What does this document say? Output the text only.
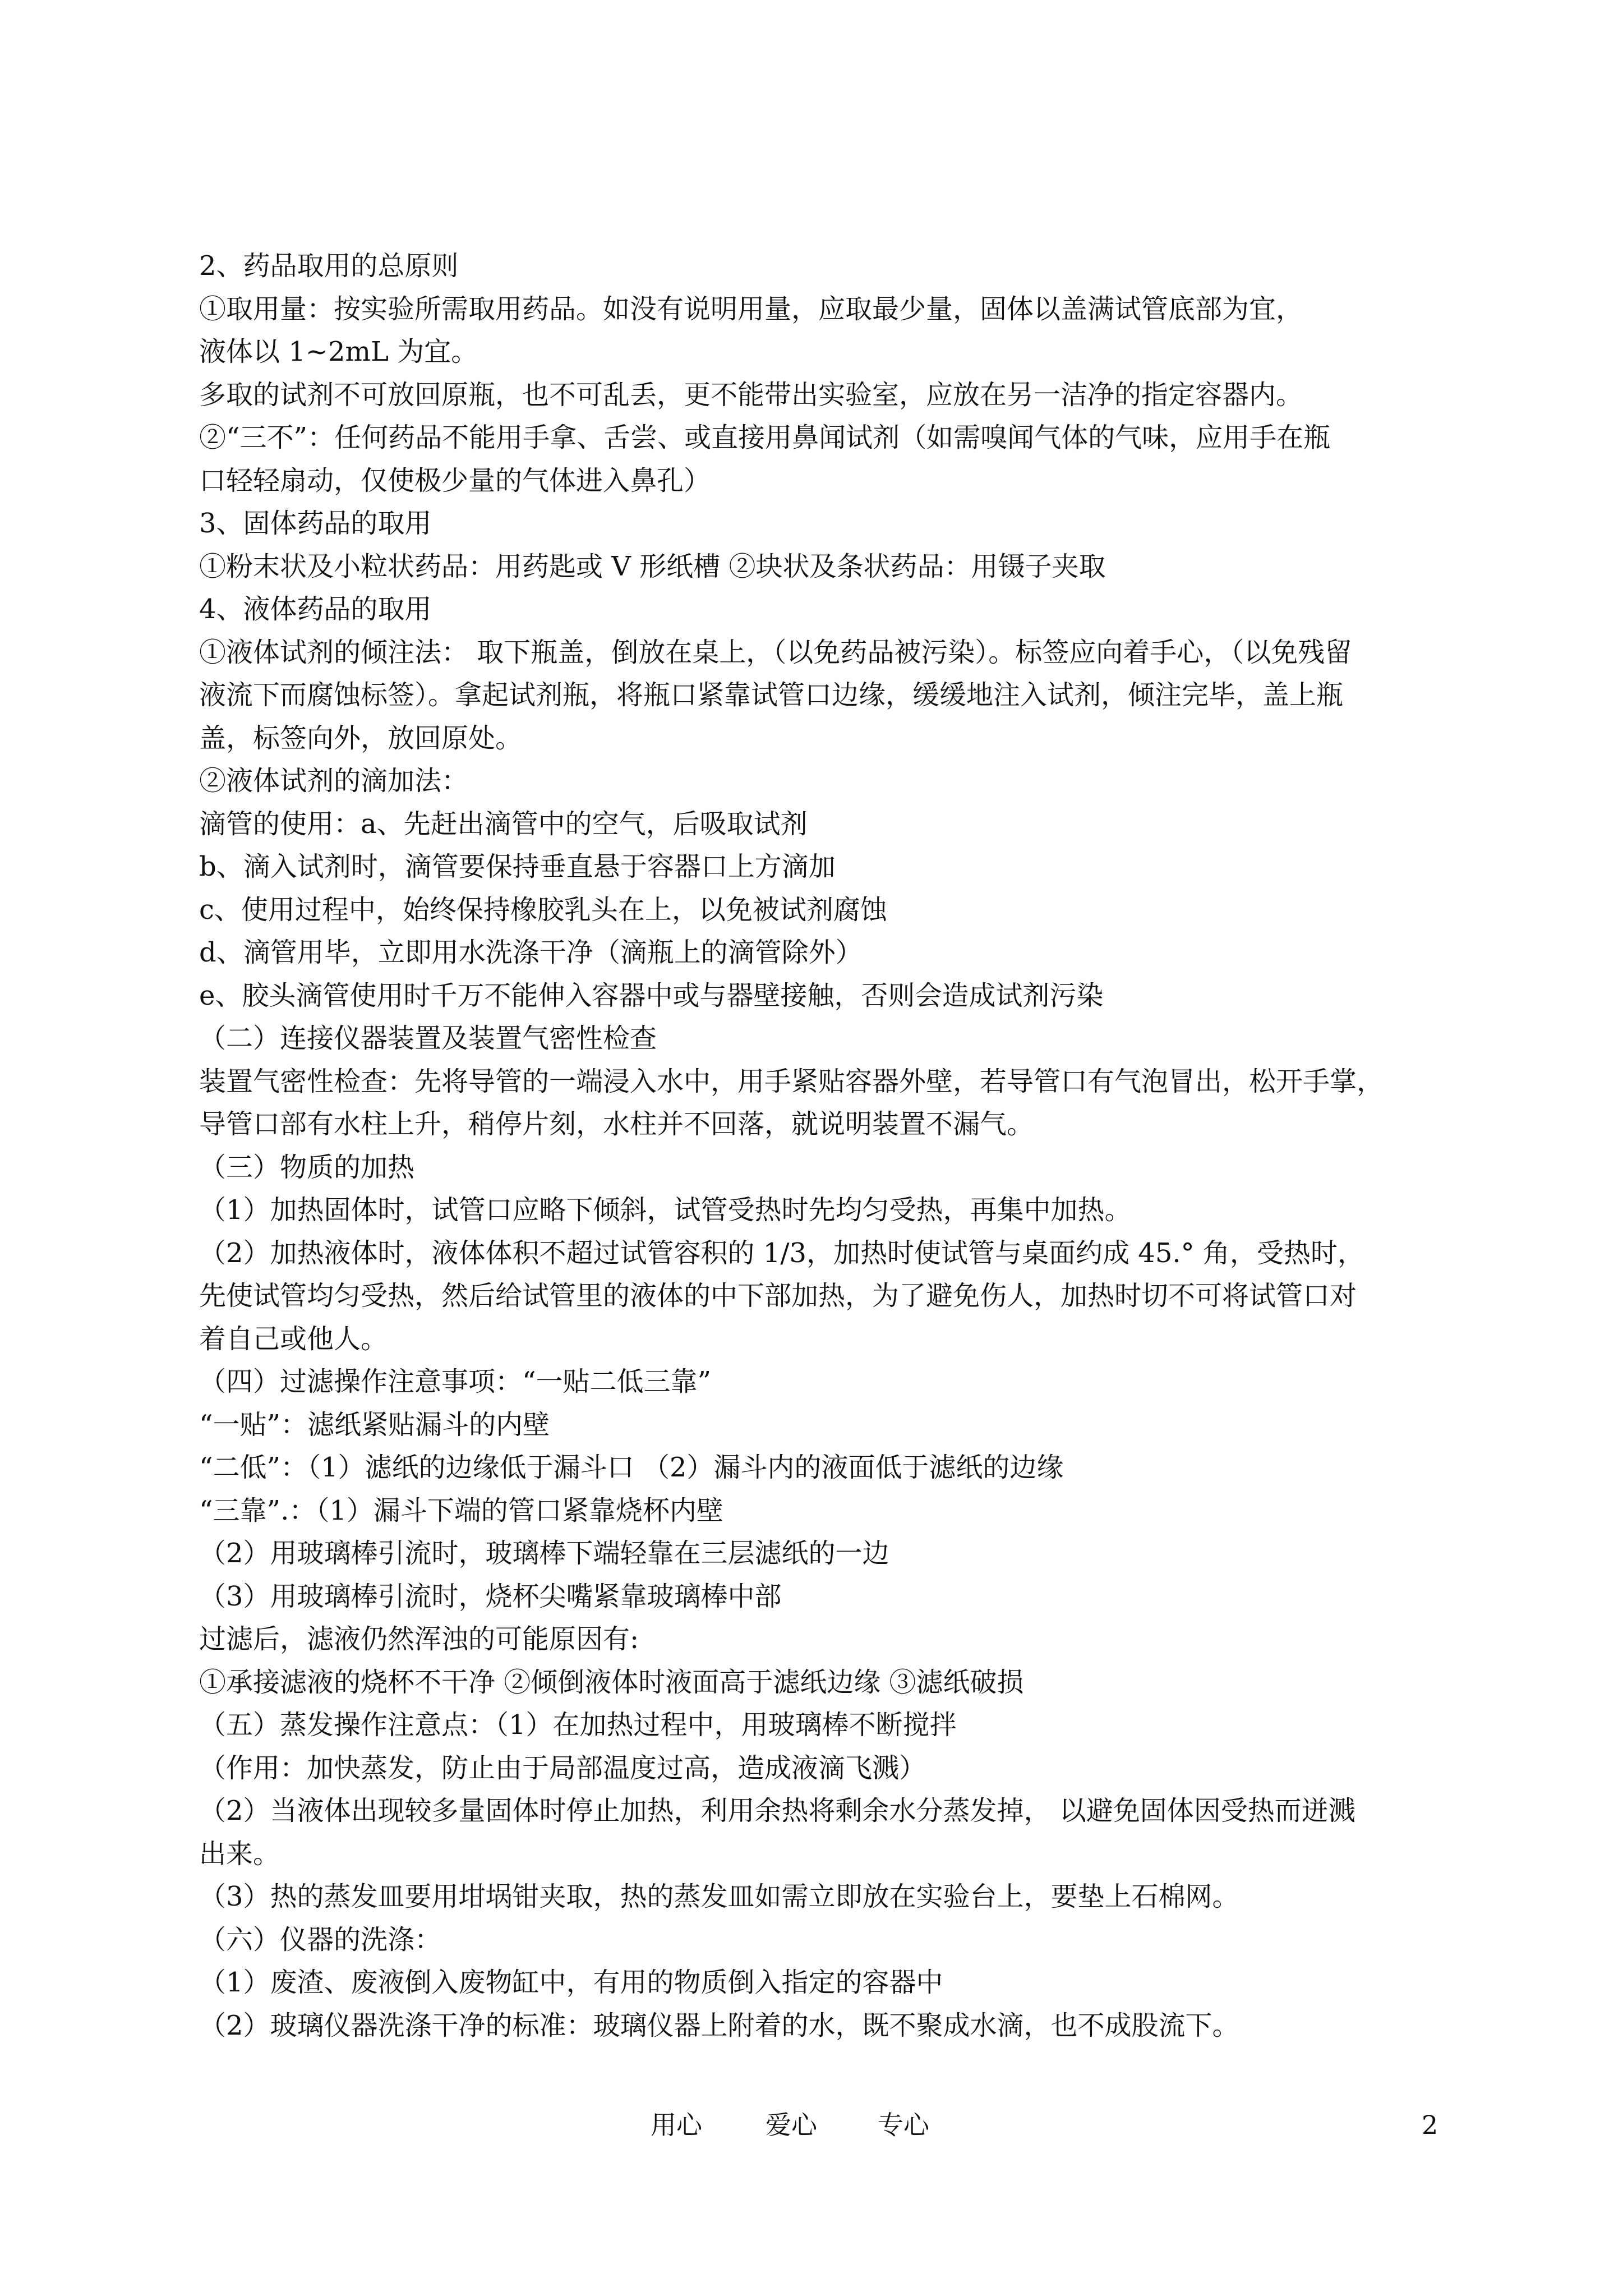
2、药品取用的总原则
①取用量：按实验所需取用药品。如没有说明用量，应取最少量，固体以盖满试管底部为宜，
液体以 1~2mL 为宜。
多取的试剂不可放回原瓶，也不可乱丢，更不能带出实验室，应放在另一洁净的指定容器内。
②“三不”：任何药品不能用手拿、舌尝、或直接用鼻闻试剂（如需嗅闻气体的气味，应用手在瓶
口轻轻扇动，仅使极少量的气体进入鼻孔）
3、固体药品的取用
①粉末状及小粒状药品：用药匙或 V 形纸槽 ②块状及条状药品：用镊子夹取
4、液体药品的取用
①液体试剂的倾注法： 取下瓶盖，倒放在桌上，（以免药品被污染）。标签应向着手心，（以免残留
液流下而腐蚀标签）。拿起试剂瓶，将瓶口紧靠试管口边缘，缓缓地注入试剂，倾注完毕，盖上瓶
盖，标签向外，放回原处。
②液体试剂的滴加法：
滴管的使用：a、先赶出滴管中的空气，后吸取试剂
b、滴入试剂时，滴管要保持垂直悬于容器口上方滴加
c、使用过程中，始终保持橡胶乳头在上，以免被试剂腐蚀
d、滴管用毕，立即用水洗涤干净（滴瓶上的滴管除外）
e、胶头滴管使用时千万不能伸入容器中或与器壁接触，否则会造成试剂污染
（二）连接仪器装置及装置气密性检查
装置气密性检查：先将导管的一端浸入水中，用手紧贴容器外壁，若导管口有气泡冒出，松开手掌，
导管口部有水柱上升，稍停片刻，水柱并不回落，就说明装置不漏气。
（三）物质的加热
（1）加热固体时，试管口应略下倾斜，试管受热时先均匀受热，再集中加热。
（2）加热液体时，液体体积不超过试管容积的 1/3，加热时使试管与桌面约成 45.° 角，受热时，
先使试管均匀受热，然后给试管里的液体的中下部加热，为了避免伤人，加热时切不可将试管口对
着自己或他人。
（四）过滤操作注意事项：“一贴二低三靠”
“一贴”：滤纸紧贴漏斗的内壁
“二低”：（1）滤纸的边缘低于漏斗口 （2）漏斗内的液面低于滤纸的边缘
“三靠”.：（1）漏斗下端的管口紧靠烧杯内壁
（2）用玻璃棒引流时，玻璃棒下端轻靠在三层滤纸的一边
（3）用玻璃棒引流时，烧杯尖嘴紧靠玻璃棒中部
过滤后，滤液仍然浑浊的可能原因有:
①承接滤液的烧杯不干净 ②倾倒液体时液面高于滤纸边缘 ③滤纸破损
（五）蒸发操作注意点：（1）在加热过程中，用玻璃棒不断搅拌
（作用：加快蒸发，防止由于局部温度过高，造成液滴飞溅）
（2）当液体出现较多量固体时停止加热，利用余热将剩余水分蒸发掉， 以避免固体因受热而迸溅
出来。
（3）热的蒸发皿要用坩埚钳夹取，热的蒸发皿如需立即放在实验台上，要垫上石棉网。
（六）仪器的洗涤：
（1）废渣、废液倒入废物缸中，有用的物质倒入指定的容器中
（2）玻璃仪器洗涤干净的标准：玻璃仪器上附着的水，既不聚成水滴，也不成股流下。
用心 爱心 专心	2
